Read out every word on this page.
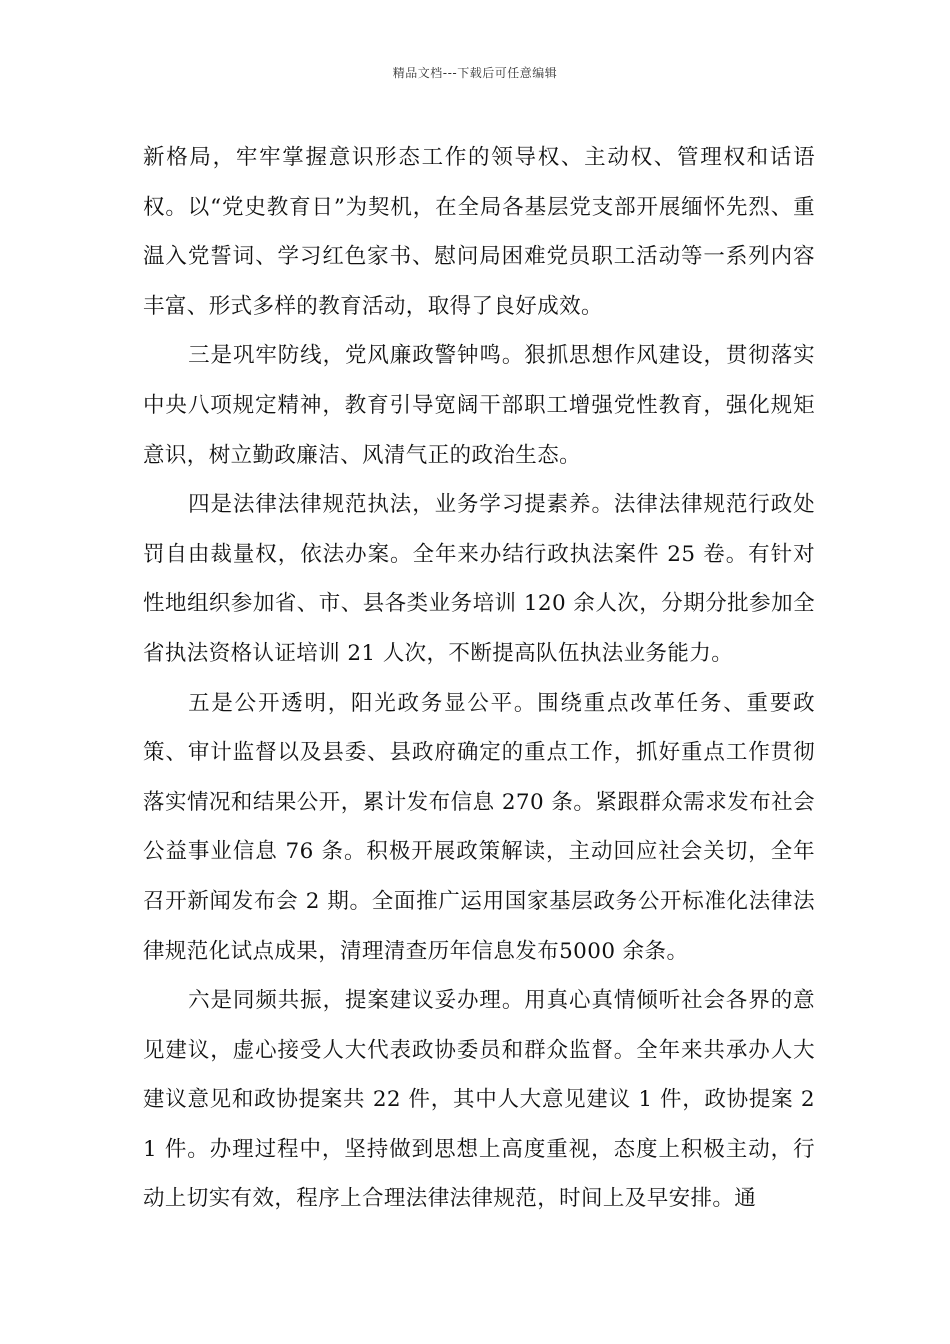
精品文档---下载后可任意编辑

新格局，牢牢掌握意识形态工作的领导权、主动权、管理权和话语权。以“党史教育日”为契机，在全局各基层党支部开展缅怀先烈、重温入党誓词、学习红色家书、慰问局困难党员职工活动等一系列内容丰富、形式多样的教育活动，取得了良好成效。

三是巩牢防线，党风廉政警钟鸣。狠抓思想作风建设，贯彻落实中央八项规定精神，教育引导宽阔干部职工增强党性教育，强化规矩意识，树立勤政廉洁、风清气正的政治生态。

四是法律法律规范执法，业务学习提素养。法律法律规范行政处罚自由裁量权，依法办案。全年来办结行政执法案件 25 卷。有针对性地组织参加省、市、县各类业务培训 120 余人次，分期分批参加全省执法资格认证培训 21 人次，不断提高队伍执法业务能力。

五是公开透明，阳光政务显公平。围绕重点改革任务、重要政策、审计监督以及县委、县政府确定的重点工作，抓好重点工作贯彻落实情况和结果公开，累计发布信息 270 条。紧跟群众需求发布社会公益事业信息 76 条。积极开展政策解读，主动回应社会关切，全年召开新闻发布会 2 期。全面推广运用国家基层政务公开标准化法律法律规范化试点成果，清理清查历年信息发布5000 余条。

六是同频共振，提案建议妥办理。用真心真情倾听社会各界的意见建议，虚心接受人大代表政协委员和群众监督。全年来共承办人大建议意见和政协提案共 22 件，其中人大意见建议 1 件，政协提案 21 件。办理过程中，坚持做到思想上高度重视，态度上积极主动，行动上切实有效，程序上合理法律法律规范，时间上及早安排。通
